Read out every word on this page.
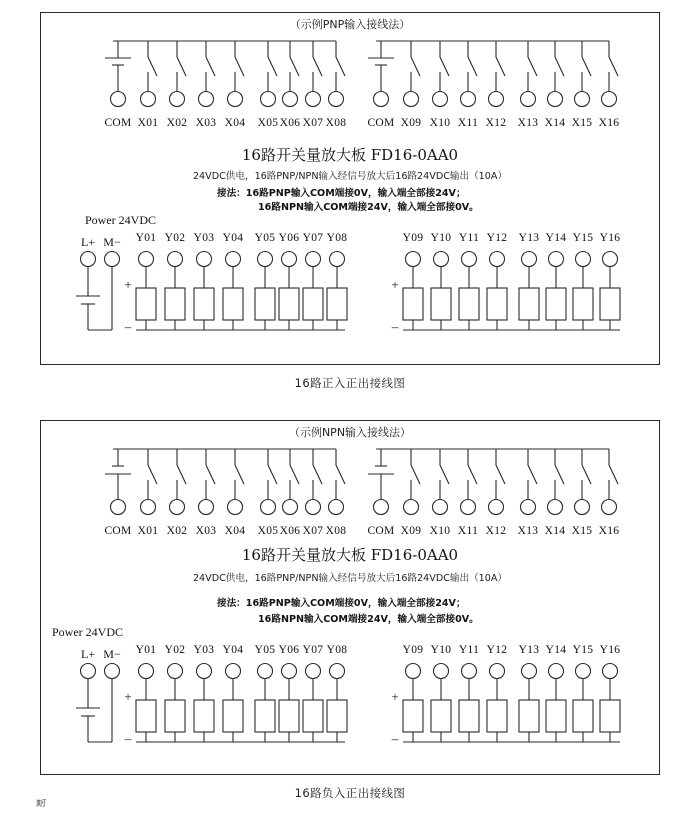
（示例PNP输入接线法）
COM X01 X02 X03 X04 X05 X06 X07 X08 COM X09 X10 X11 X12 X13 X14 X15 X16
16路开关量放大板 FD16-0AA0
24VDC供电，16路PNP/NPN输入经信号放大后16路24VDC输出（10A）
接法：16路PNP输入COM端接0V，输入端全部接24V；
16路NPN输入COM端接24V，输入端全部接0V。
Power 24VDC
L+ M−
+
–
Y01 Y02 Y03 Y04 Y05 Y06 Y07 Y08
+
–
Y09 Y10 Y11 Y12 Y13 Y14 Y15 Y16
16路正入正出接线图
（示例NPN输入接线法）
COM X01 X02 X03 X04 X05 X06 X07 X08 COM X09 X10 X11 X12 X13 X14 X15 X16
16路开关量放大板 FD16-0AA0
24VDC供电，16路PNP/NPN输入经信号放大后16路24VDC输出（10A）
接法：16路PNP输入COM端接0V，输入端全部接24V；
16路NPN输入COM端接24V，输入端全部接0V。
Power 24VDC
L+ M−
+
–
Y01 Y02 Y03 Y04 Y05 Y06 Y07 Y08
+
–
Y09 Y10 Y11 Y12 Y13 Y14 Y15 Y16
16路负入正出接线图
耐
